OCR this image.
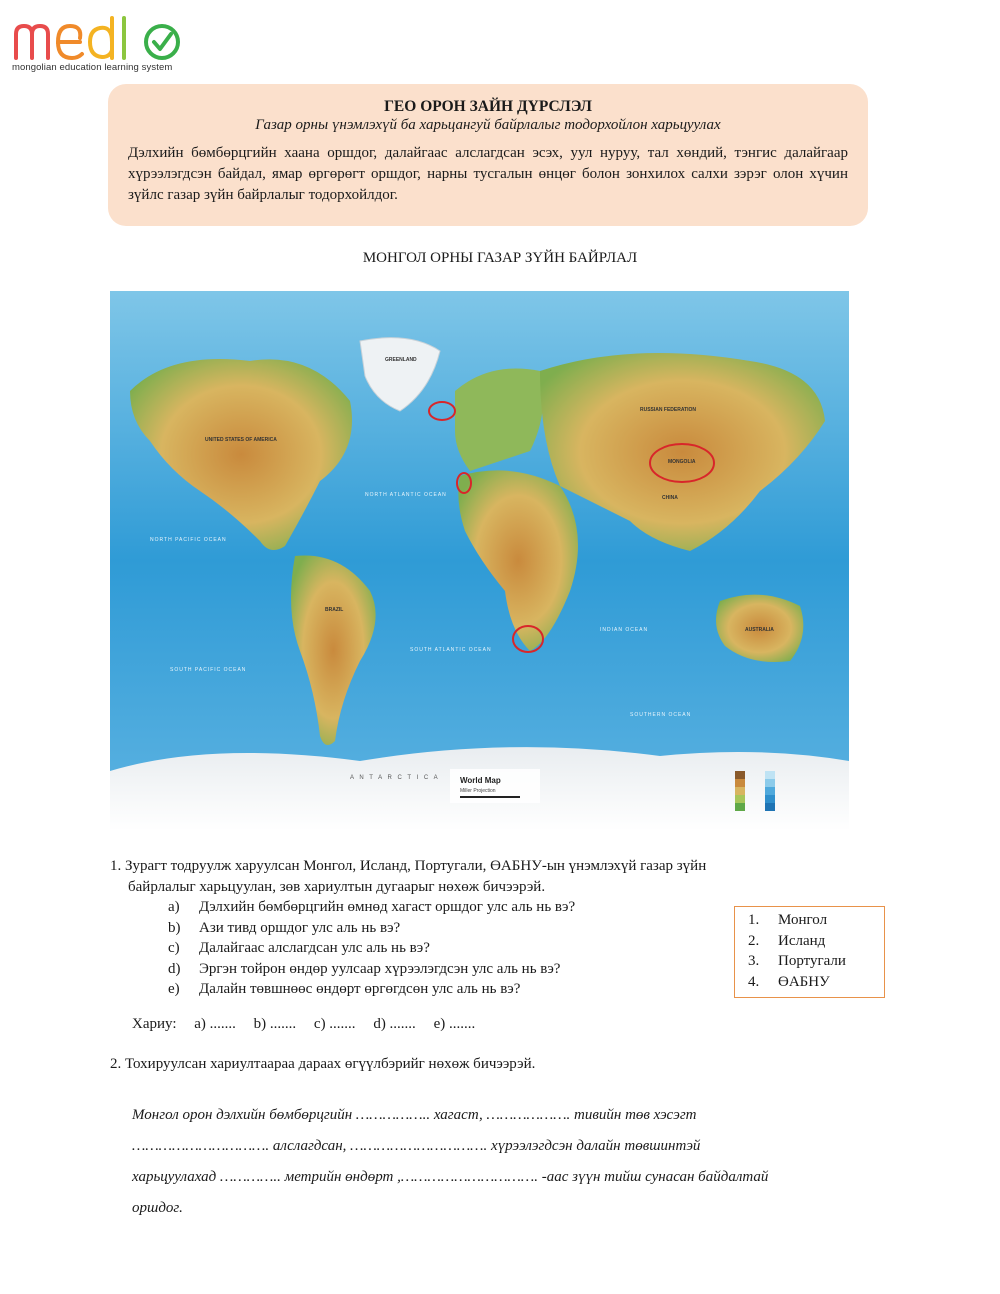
mongolian education learning system
ГЕО ОРОН ЗАЙН ДҮРСЛЭЛ
Газар орны үнэмлэхүй ба харьцангуй байрлалыг тодорхойлон харьцуулах
Дэлхийн бөмбөрцгийн хаана оршдог, далайгаас алслагдсан эсэх, уул нуруу, тал хөндий, тэнгис далайгаар хүрээлэгдсэн байдал, ямар өргөрөгт оршдог, нарны тусгалын өнцөг болон зонхилох салхи зэрэг олон хүчин зүйлс газар зүйн байрлалыг тодорхойлдог.
МОНГОЛ ОРНЫ ГАЗАР ЗҮЙН БАЙРЛАЛ
GREENLAND
RUSSIAN FEDERATION
MONGOLIA
CHINA
UNITED STATES OF AMERICA
BRAZIL
AUSTRALIA
NORTH PACIFIC OCEAN
NORTH ATLANTIC OCEAN
SOUTH ATLANTIC OCEAN
SOUTH PACIFIC OCEAN
INDIAN OCEAN
SOUTHERN OCEAN
A N T A R C T I C A	World Map
Miller Projection
1. Зурагт тодруулж харуулсан Монгол, Исланд, Португали, ӨАБНУ-ын үнэмлэхүй газар зүйн
байрлалыг харьцуулан, зөв хариултын дугаарыг нөхөж бичээрэй.
a) Дэлхийн бөмбөрцгийн өмнөд хагаст оршдог улс аль нь вэ?
b) Ази тивд оршдог улс аль нь вэ?
c) Далайгаас алслагдсан улс аль нь вэ?
d) Эргэн тойрон өндөр уулсаар хүрээлэгдсэн улс аль нь вэ?
e) Далайн төвшнөөс өндөрт өргөгдсөн улс аль нь вэ?
1. Монгол
2. Исланд
3. Португали
4. ӨАБНУ
Хариу: a) ....... b) ....... c) ....... d) ....... e) .......
2. Тохируулсан хариултаараа дараах өгүүлбэрийг нөхөж бичээрэй.
Монгол орон дэлхийн бөмбөрцгийн …………….. хагаст, ………………. тивийн төв хэсэгт
…………………………. алслагдсан, …………………………. хүрээлэгдсэн далайн төвшинтэй
харьцуулахад ………….. метрийн өндөрт ,…………………………. -аас зүүн тийш сунасан байдалтай
оршдог.
